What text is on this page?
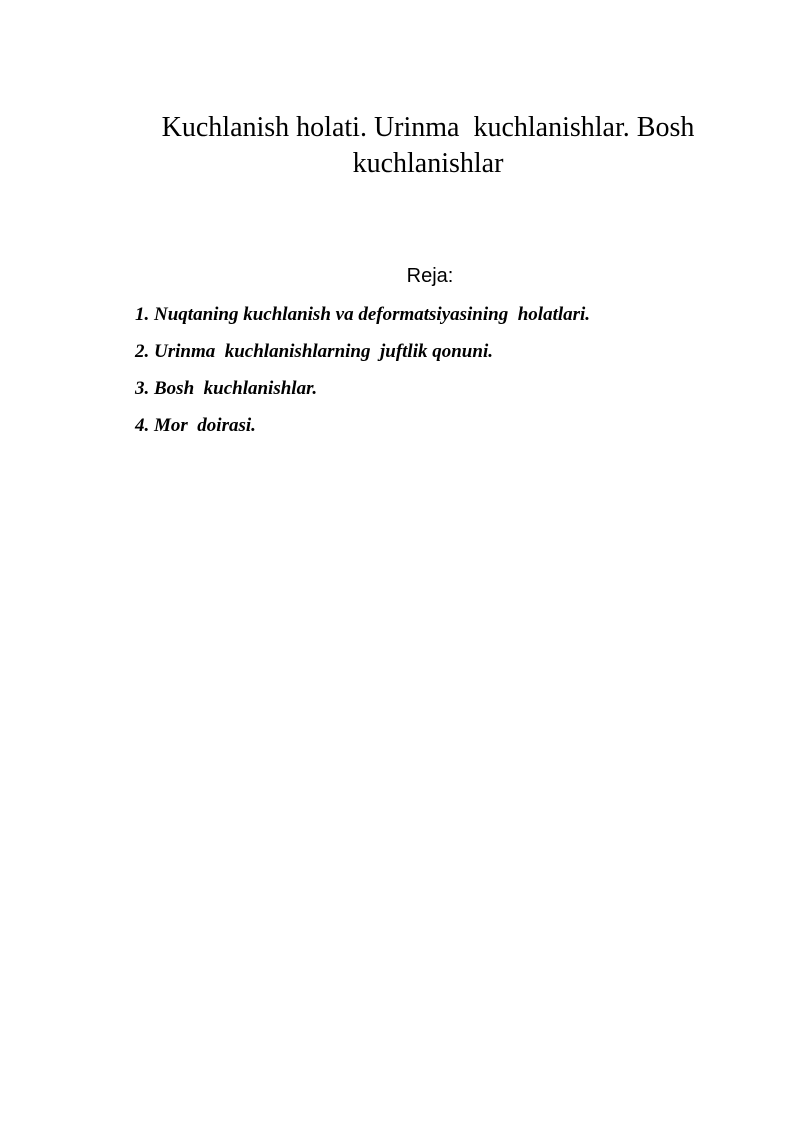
Kuchlanish holati. Urinma  kuchlanishlar. Bosh kuchlanishlar
Reja:
1. Nuqtaning kuchlanish va deformatsiyasining  holatlari.
2. Urinma  kuchlanishlarning  juftlik qonuni.
3. Bosh  kuchlanishlar.
4. Mor  doirasi.
